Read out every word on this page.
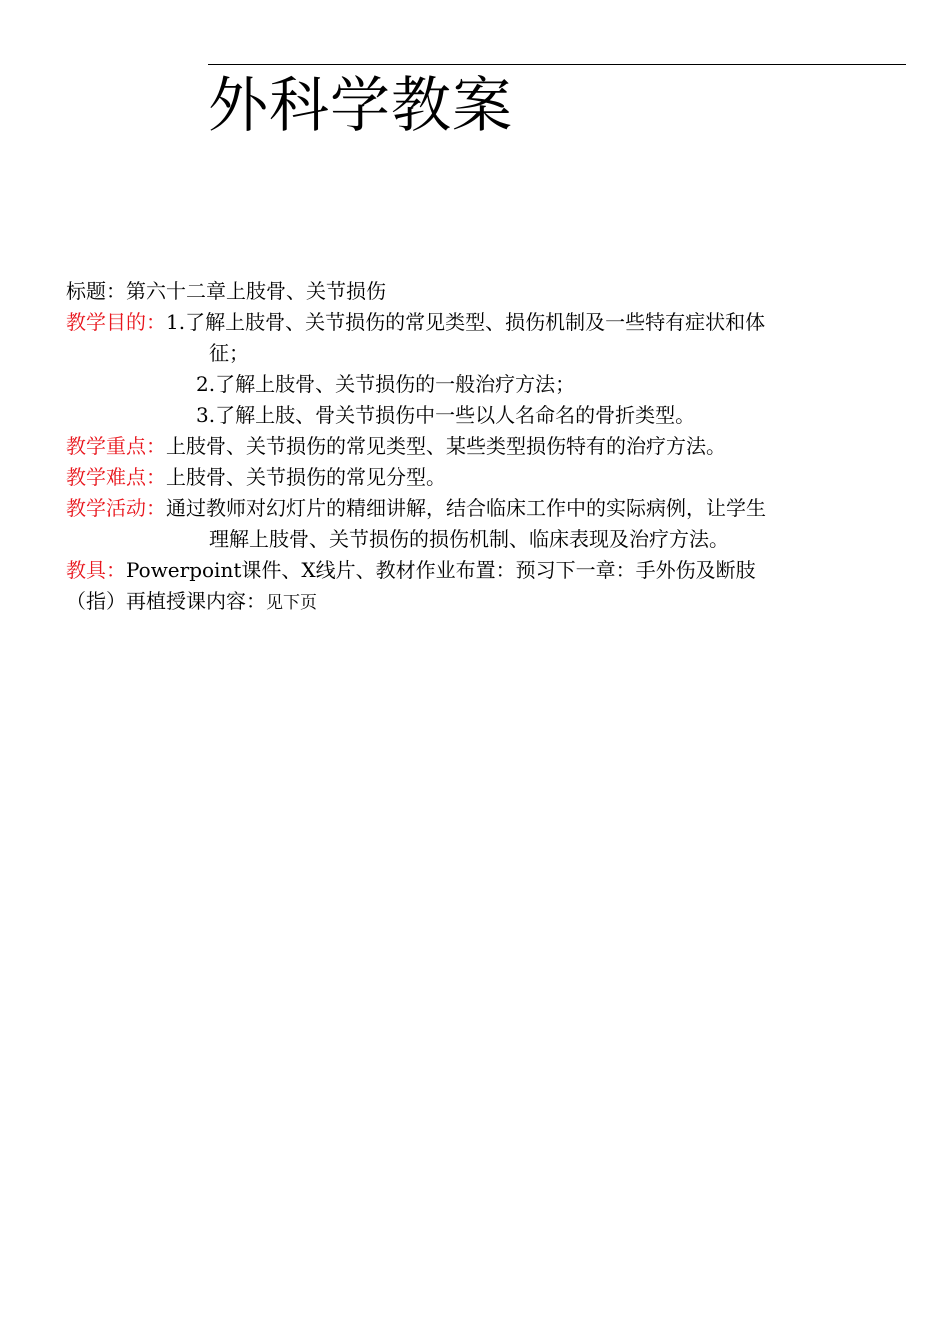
外科学教案
标题：第六十二章上肢骨、关节损伤
教学目的：1.了解上肢骨、关节损伤的常见类型、损伤机制及一些特有症状和体
征；
2.了解上肢骨、关节损伤的一般治疗方法；
3.了解上肢、骨关节损伤中一些以人名命名的骨折类型。
教学重点：上肢骨、关节损伤的常见类型、某些类型损伤特有的治疗方法。
教学难点：上肢骨、关节损伤的常见分型。
教学活动：通过教师对幻灯片的精细讲解，结合临床工作中的实际病例，让学生
理解上肢骨、关节损伤的损伤机制、临床表现及治疗方法。
教具：Powerpoint课件、X线片、教材作业布置：预习下一章：手外伤及断肢
（指）再植授课内容：见下页
